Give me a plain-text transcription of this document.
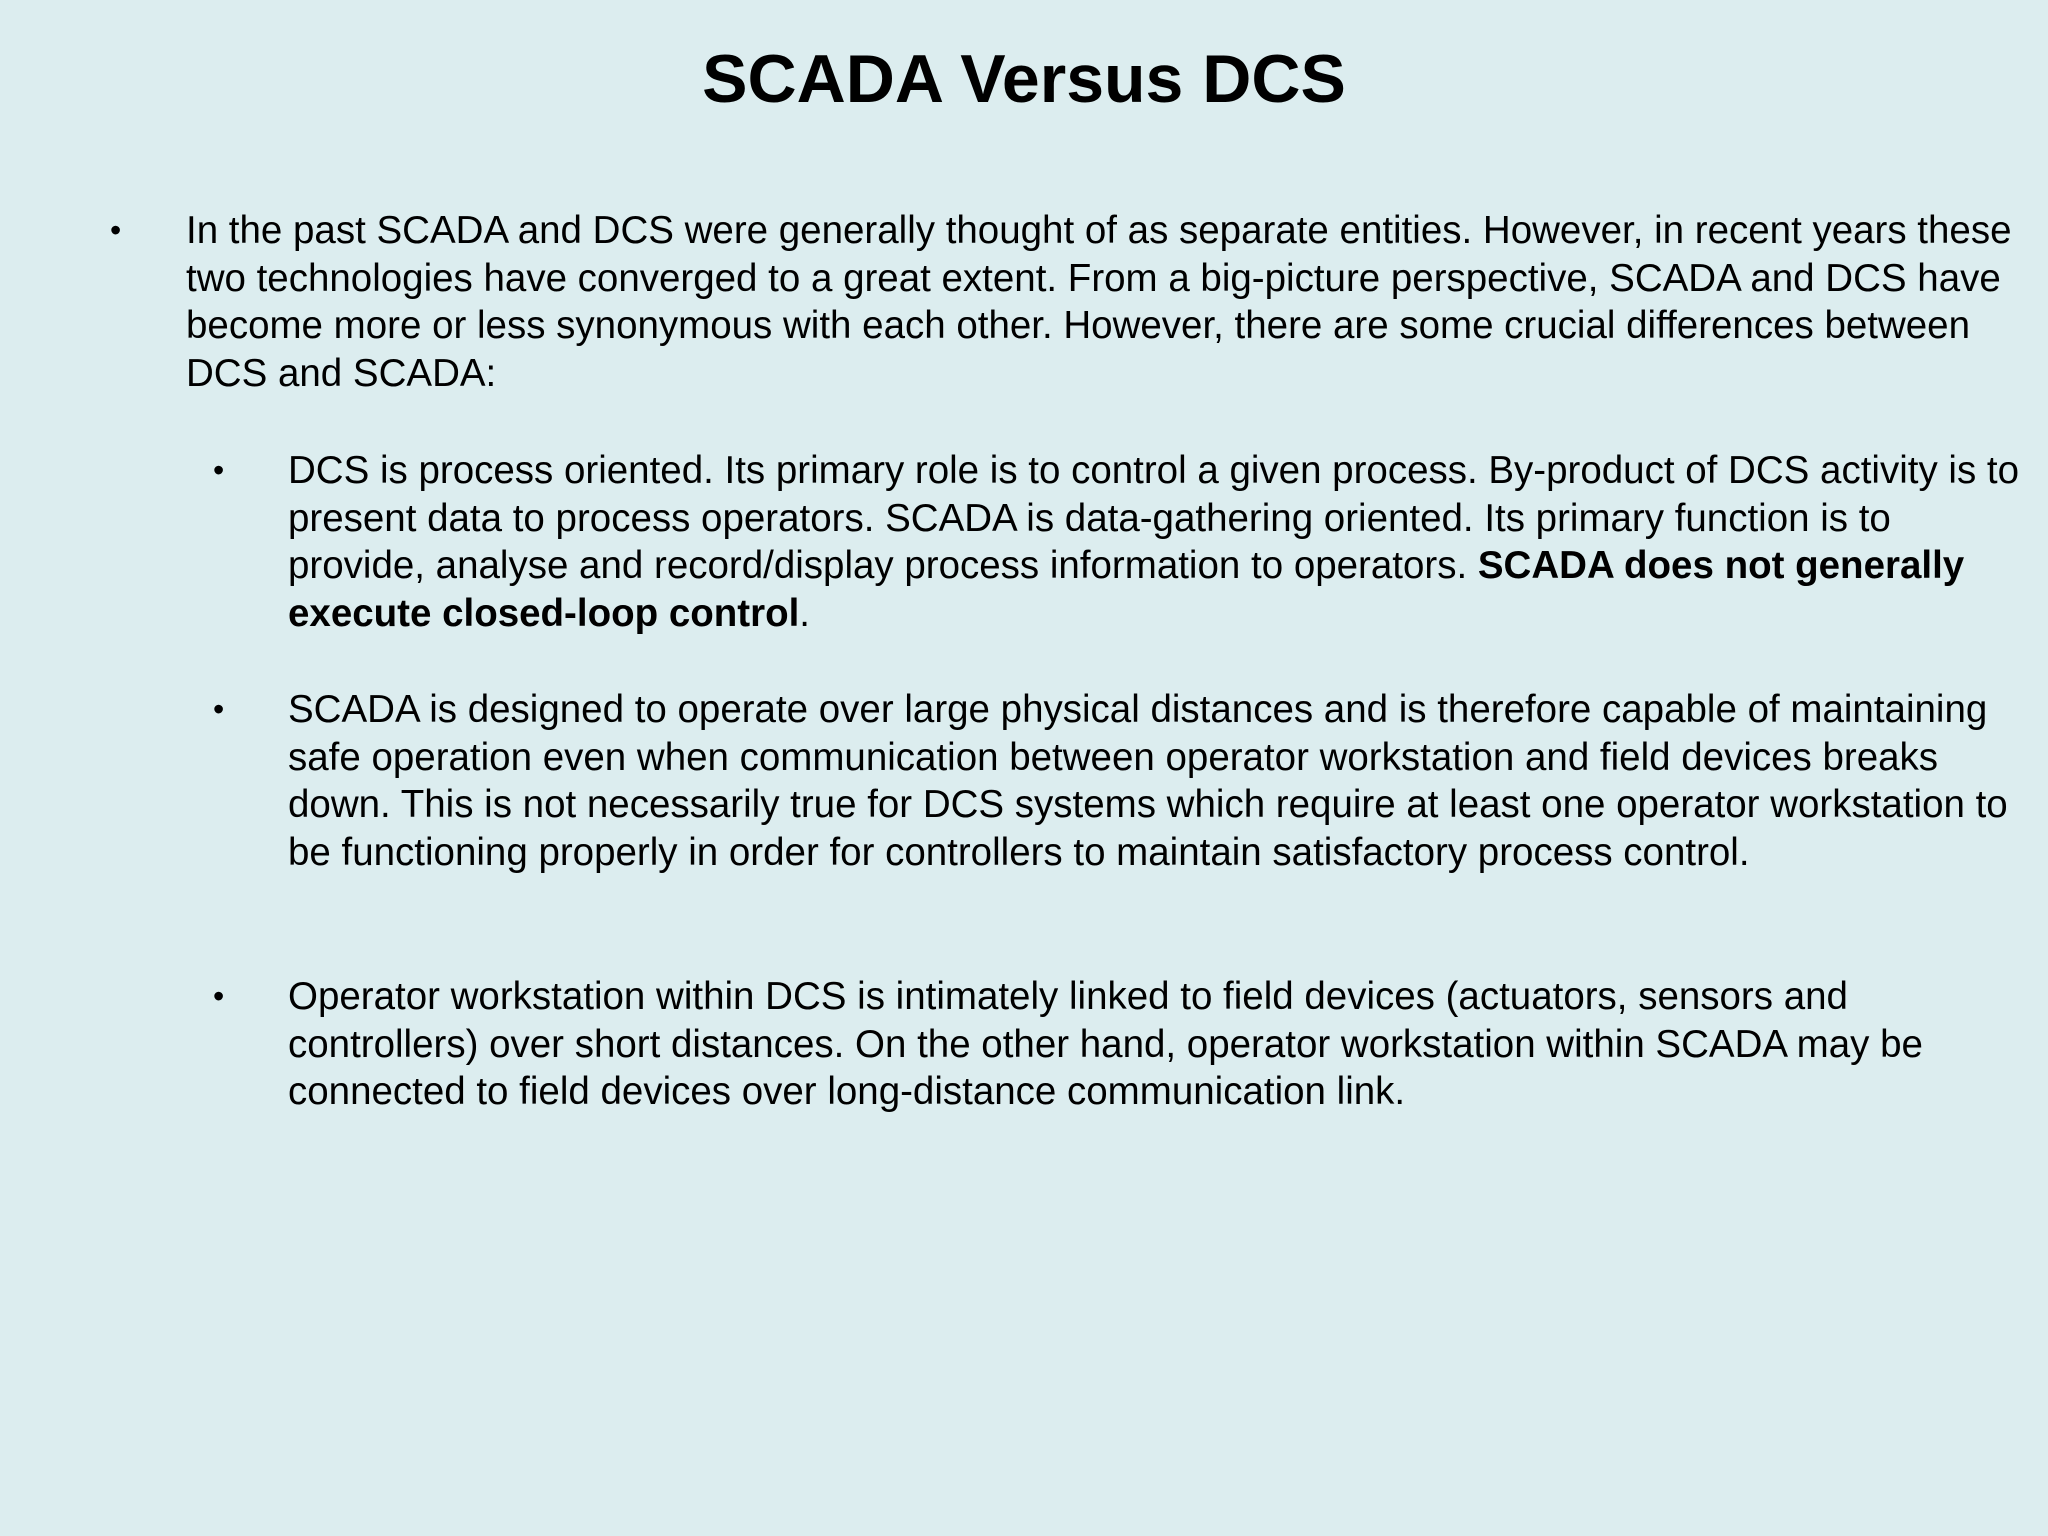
SCADA Versus DCS
• In the past SCADA and DCS were generally thought of as separate entities. However, in recent years these two technologies have converged to a great extent. From a big-picture perspective, SCADA and DCS have become more or less synonymous with each other. However, there are some crucial differences between DCS and SCADA:
• DCS is process oriented. Its primary role is to control a given process. By-product of DCS activity is to present data to process operators. SCADA is data-gathering oriented. Its primary function is to provide, analyse and record/display process information to operators. SCADA does not generally execute closed-loop control.
• SCADA is designed to operate over large physical distances and is therefore capable of maintaining safe operation even when communication between operator workstation and field devices breaks down. This is not necessarily true for DCS systems which require at least one operator workstation to be functioning properly in order for controllers to maintain satisfactory process control.
• Operator workstation within DCS is intimately linked to field devices (actuators, sensors and controllers) over short distances. On the other hand, operator workstation within SCADA may be connected to field devices over long-distance communication link.
